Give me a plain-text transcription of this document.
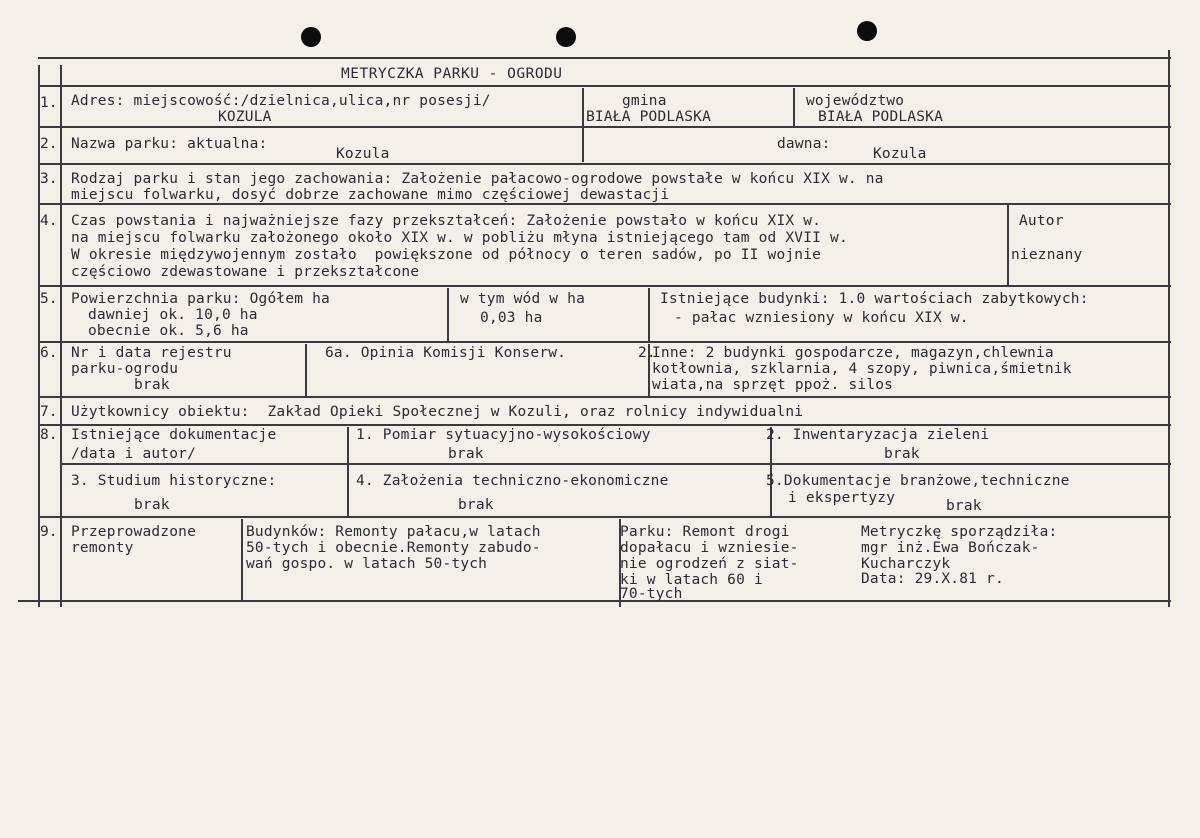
METRYCZKA PARKU - OGRODU
1.
2.
3.
4.
5.
6.
7.
8.
9.
Adres: miejscowość:/dzielnica,ulica,nr posesji/
KOZULA
gmina
BIAŁA PODLASKA
województwo
BIAŁA PODLASKA
Nazwa parku: aktualna:
Kozula
dawna:
Kozula
Rodzaj parku i stan jego zachowania: Założenie pałacowo-ogrodowe powstałe w końcu XIX w. na
miejscu folwarku, dosyć dobrze zachowane mimo częściowej dewastacji
Czas powstania i najważniejsze fazy przekształceń: Założenie powstało w końcu XIX w.
na miejscu folwarku założonego około XIX w. w pobliżu młyna istniejącego tam od XVII w.
W okresie międzywojennym zostało  powiększone od północy o teren sadów, po II wojnie
częściowo zdewastowane i przekształcone
Autor
nieznany
Powierzchnia parku: Ogółem ha
dawniej ok. 10,0 ha
obecnie ok. 5,6 ha
w tym wód w ha
0,03 ha
Istniejące budynki: 1.0 wartościach zabytkowych:
- pałac wzniesiony w końcu XIX w.
Nr i data rejestru
parku-ogrodu
brak
6a. Opinia Komisji Konserw.	2.
Inne: 2 budynki gospodarcze, magazyn,chlewnia
kotłownia, szklarnia, 4 szopy, piwnica,śmietnik
wiata,na sprzęt ppoż. silos
Użytkownicy obiektu:  Zakład Opieki Społecznej w Kozuli, oraz rolnicy indywidualni
Istniejące dokumentacje
/data i autor/
1. Pomiar sytuacyjno-wysokościowy
brak
2. Inwentaryzacja zieleni
brak
3. Studium historyczne:
brak
4. Założenia techniczno-ekonomiczne
brak
5.Dokumentacje branżowe,techniczne
i ekspertyzy	brak
Przeprowadzone
remonty
Budynków: Remonty pałacu,w latach
50-tych i obecnie.Remonty zabudo-
wań gospo. w latach 50-tych
Parku: Remont drogi
dopałacu i wzniesie-
nie ogrodzeń z siat-
ki w latach 60 i
70-tych
Metryczkę sporządziła:
mgr inż.Ewa Bończak-
Kucharczyk
Data: 29.X.81 r.
